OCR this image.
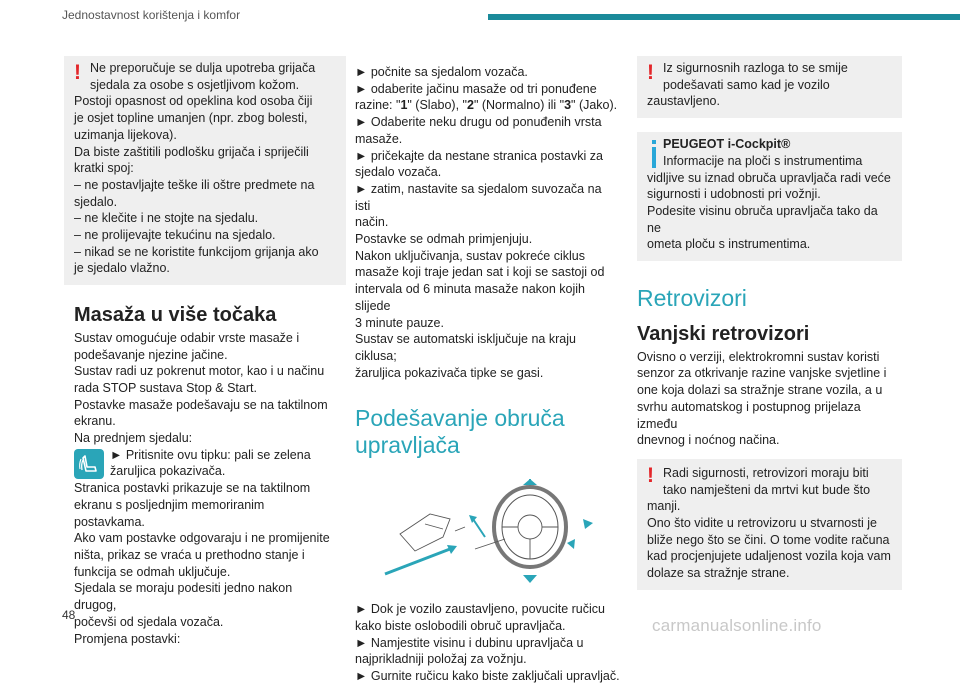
Jednostavnost korištenja i komfor
! Ne preporučuje se dulja upotreba grijača

sjedala za osobe s osjetljivom kožom.

Postoji opasnost od opeklina kod osoba čiji

je osjet topline umanjen (npr. zbog bolesti,

uzimanja lijekova).

Da biste zaštitili podlošku grijača i spriječili

kratki spoj:

– ne postavljajte teške ili oštre predmete na

sjedalo.

– ne klečite i ne stojte na sjedalu.

– ne prolijevajte tekućinu na sjedalo.

– nikad se ne koristite funkcijom grijanja ako

je sjedalo vlažno.

Masaža u više točaka

Sustav omogućuje odabir vrste masaže i

podešavanje njezine jačine.

Sustav radi uz pokrenut motor, kao i u načinu

rada STOP sustava Stop & Start.

Postavke masaže podešavaju se na taktilnom

ekranu.

Na prednjem sjedalu:

► Pritisnite ovu tipku: pali se zelena

žaruljica pokazivača.

Stranica postavki prikazuje se na taktilnom

ekranu s posljednjim memoriranim postavkama.

Ako vam postavke odgovaraju i ne promijenite

ništa, prikaz se vraća u prethodno stanje i

funkcija se odmah uključuje.

Sjedala se moraju podesiti jedno nakon drugog,

počevši od sjedala vozača.

Promjena postavki:

► počnite sa sjedalom vozača.

► odaberite jačinu masaže od tri ponuđene

razine: "1" (Slabo), "2" (Normalno) ili "3" (Jako).

► Odaberite neku drugu od ponuđenih vrsta

masaže.

► pričekajte da nestane stranica postavki za

sjedalo vozača.

► zatim, nastavite sa sjedalom suvozača na isti

način.

Postavke se odmah primjenjuju.

Nakon uključivanja, sustav pokreće ciklus

masaže koji traje jedan sat i koji se sastoji od

intervala od 6 minuta masaže nakon kojih slijede

3 minute pauze.

Sustav se automatski isključuje na kraju ciklusa;

žaruljica pokazivača tipke se gasi.

Podešavanje obruča
upravljača

► Dok je vozilo zaustavljeno, povucite ručicu

kako biste oslobodili obruč upravljača.

► Namjestite visinu i dubinu upravljača u

najprikladniji položaj za vožnju.

► Gurnite ručicu kako biste zaključali upravljač.

! Iz sigurnosnih razloga to se smije

podešavati samo kad je vozilo

zaustavljeno.

PEUGEOT i-Cockpit®

Informacije na ploči s instrumentima

vidljive su iznad obruča upravljača radi veće

sigurnosti i udobnosti pri vožnji.

Podesite visinu obruča upravljača tako da ne

ometa ploču s instrumentima.

Retrovizori
Vanjski retrovizori

Ovisno o verziji, elektrokromni sustav koristi

senzor za otkrivanje razine vanjske svjetline i

one koja dolazi sa stražnje strane vozila, a u

svrhu automatskog i postupnog prijelaza između

dnevnog i noćnog načina.

! Radi sigurnosti, retrovizori moraju biti

tako namješteni da mrtvi kut bude što

manji.

Ono što vidite u retrovizoru u stvarnosti je

bliže nego što se čini. O tome vodite računa

kad procjenjujete udaljenost vozila koja vam

dolaze sa stražnje strane.

48
carmanualsonline.info
